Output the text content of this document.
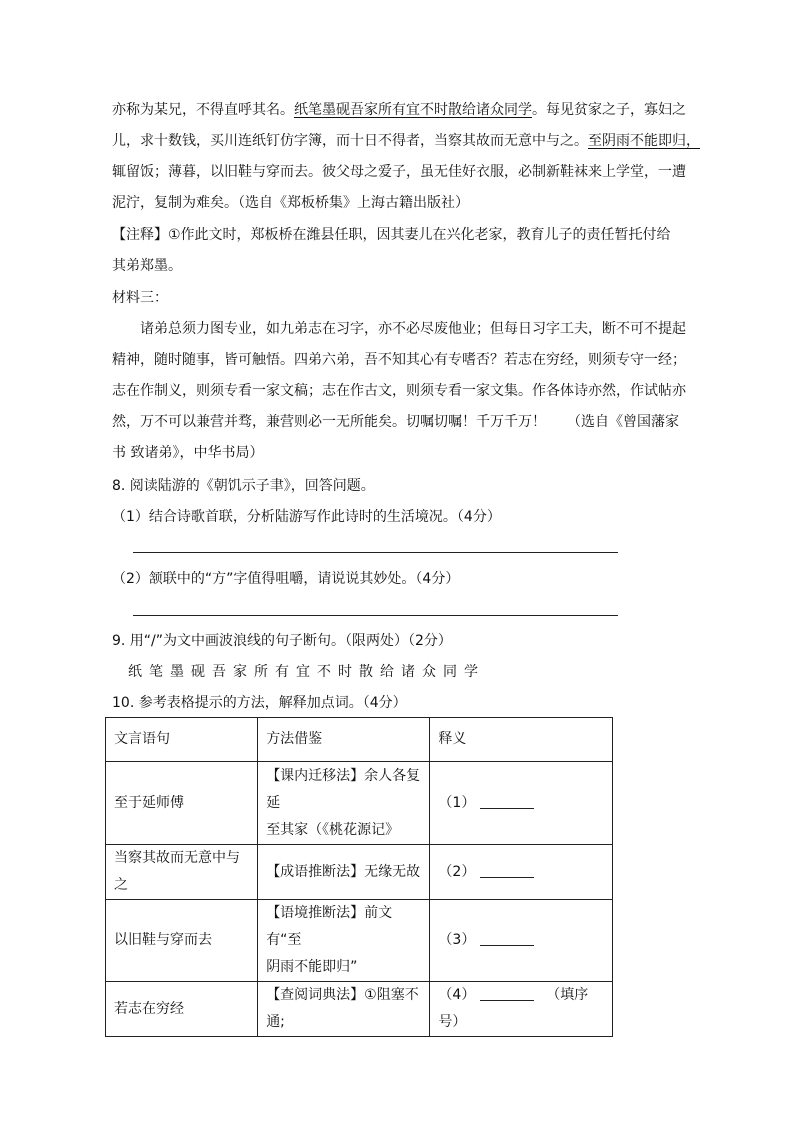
亦称为某兄，不得直呼其名。纸笔墨砚吾家所有宜不时散给诸众同学。每见贫家之子，寡妇之
儿，求十数钱，买川连纸钉仿字簿，而十日不得者，当察其故而无意中与之。至阴雨不能即归，
辄留饭；薄暮，以旧鞋与穿而去。彼父母之爱子，虽无佳好衣服，必制新鞋袜来上学堂，一遭
泥泞，复制为难矣。（选自《郑板桥集》上海古籍出版社）
【注释】①作此文时，郑板桥在潍县任职，因其妻儿在兴化老家，教育儿子的责任暂托付给
其弟郑墨。
材料三：
诸弟总须力图专业，如九弟志在习字，亦不必尽废他业；但每日习字工夫，断不可不提起
精神，随时随事，皆可触悟。四弟六弟，吾不知其心有专嗜否？若志在穷经，则须专守一经；
志在作制义，则须专看一家文稿；志在作古文，则须专看一家文集。作各体诗亦然，作试帖亦
然，万不可以兼营并骛，兼营则必一无所能矣。切嘱切嘱！千万千万！　　（选自《曾国藩家
书 致诸弟》，中华书局）
8. 阅读陆游的《朝饥示子聿》，回答问题。
（1）结合诗歌首联，分析陆游写作此诗时的生活境况。（4分）
（2）颔联中的“方”字值得咀嚼，请说说其妙处。（4分）
9. 用“/”为文中画波浪线的句子断句。（限两处）（2分）
纸笔墨砚吾家所有宜不时散给诸众同学
10. 参考表格提示的方法，解释加点词。（4分）
文言语句	方法借鉴	释义
至于延师傅	【课内迁移法】余人各复延
至其家（《桃花源记》	（1）
当察其故而无意中与之	【成语推断法】无缘无故	（2）
以旧鞋与穿而去	【语境推断法】前文有“至
阴雨不能即归”	（3）
若志在穷经	【查阅词典法】①阻塞不通;	（4） （填序号）
